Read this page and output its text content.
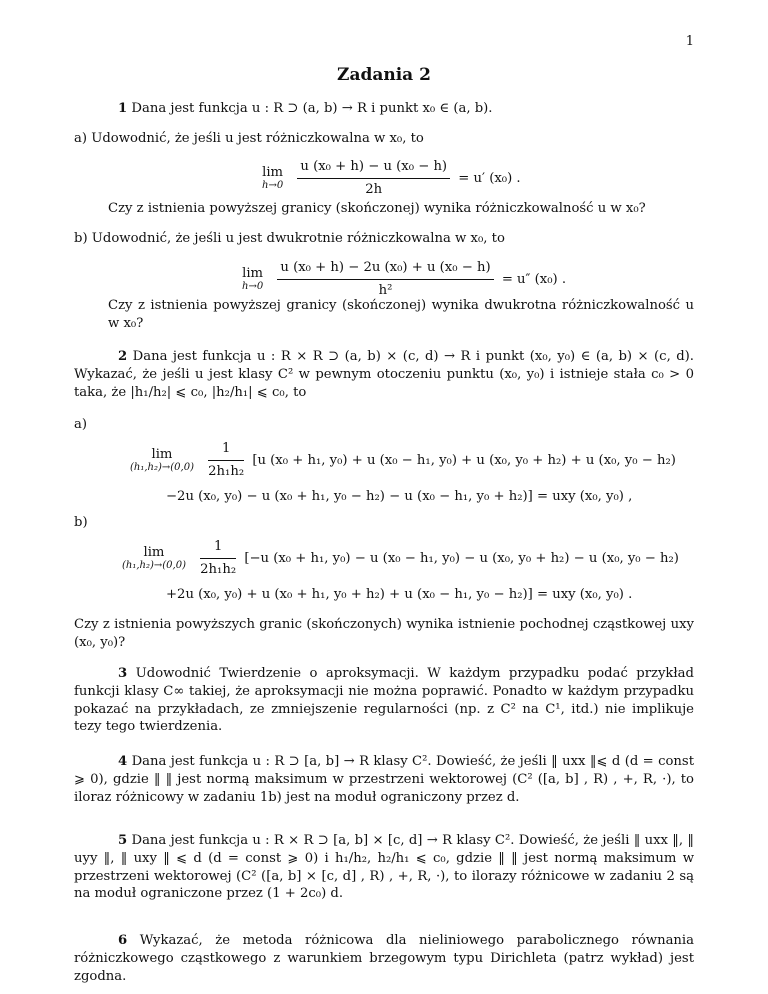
1
Zadania 2
1 Dana jest funkcja u : R ⊃ (a, b) → R i punkt x₀ ∈ (a, b).
a) Udowodnić, że jeśli u jest różniczkowalna w x₀, to
lim
h→0
$\frac{\text{u (x₀ + h) − u (x₀ − h)}}{2h} = u'$ (x₀) .
Czy z istnienia powyższej granicy (skończonej) wynika różniczkowalność u w x₀?
b) Udowodnić, że jeśli u jest dwukrotnie różniczkowalna w x₀, to
lim
h→0
$\frac{\text{u (x₀ + h) − 2u (x₀) + u (x₀ − h)}}{\text{h²}} = u''$ (x₀) .
Czy z istnienia powyższej granicy (skończonej) wynika dwukrotna różniczkowalność u w x₀?
2 Dana jest funkcja u : R × R ⊃ (a, b) × (c, d) → R i punkt (x₀, y₀) ∈ (a, b) × (c, d). Wykazać, że jeśli u jest klasy C² w pewnym otoczeniu punktu (x₀, y₀) i istnieje stała c₀ > 0 taka, że |h₁/h₂| ⩽ c₀, |h₂/h₁| ⩽ c₀, to
a)
lim
(h₁,h₂)→(0,0)
$\frac{1}{\text{2h₁h₂}} [u$ (x₀ + h₁, y₀) + u (x₀ − h₁, y₀) + u (x₀, y₀ + h₂) + u (x₀, y₀ − h₂)
−2u (x₀, y₀) − u (x₀ + h₁, y₀ − h₂) − u (x₀ − h₁, y₀ + h₂)] = uxy (x₀, y₀) ,
b)
lim
(h₁,h₂)→(0,0)
$\frac{1}{\text{2h₁h₂}} [-u$ (x₀ + h₁, y₀) − u (x₀ − h₁, y₀) − u (x₀, y₀ + h₂) − u (x₀, y₀ − h₂)
+2u (x₀, y₀) + u (x₀ + h₁, y₀ + h₂) + u (x₀ − h₁, y₀ − h₂)] = uxy (x₀, y₀) .
Czy z istnienia powyższych granic (skończonych) wynika istnienie pochodnej cząstkowej uxy (x₀, y₀)?
3 Udowodnić Twierdzenie o aproksymacji. W każdym przypadku podać przykład funkcji klasy C∞ takiej, że aproksymacji nie można poprawić. Ponadto w każdym przypadku pokazać na przykładach, ze zmniejszenie regularności (np. z C² na C¹, itd.) nie implikuje tezy tego twierdzenia.
4 Dana jest funkcja u : R ⊃ [a, b] → R klasy C². Dowieść, że jeśli ‖ uxx ‖⩽ d (d = const ⩾ 0), gdzie ‖ ‖ jest normą maksimum w przestrzeni wektorowej (C² ([a, b] , R) , +, R, ·), to iloraz różnicowy w zadaniu 1b) jest na moduł ograniczony przez d.
5 Dana jest funkcja u : R × R ⊃ [a, b] × [c, d] → R klasy C². Dowieść, że jeśli ‖ uxx ‖, ‖ uyy ‖, ‖ uxy ‖ ⩽ d (d = const ⩾ 0) i h₁/h₂, h₂/h₁ ⩽ c₀, gdzie ‖ ‖ jest normą maksimum w przestrzeni wektorowej (C² ([a, b] × [c, d] , R) , +, R, ·), to ilorazy różnicowe w zadaniu 2 są na moduł ograniczone przez (1 + 2c₀) d.
6 Wykazać, że metoda różnicowa dla nieliniowego parabolicznego równania różniczkowego cząstkowego z warunkiem brzegowym typu Dirichleta (patrz wykład) jest zgodna.
